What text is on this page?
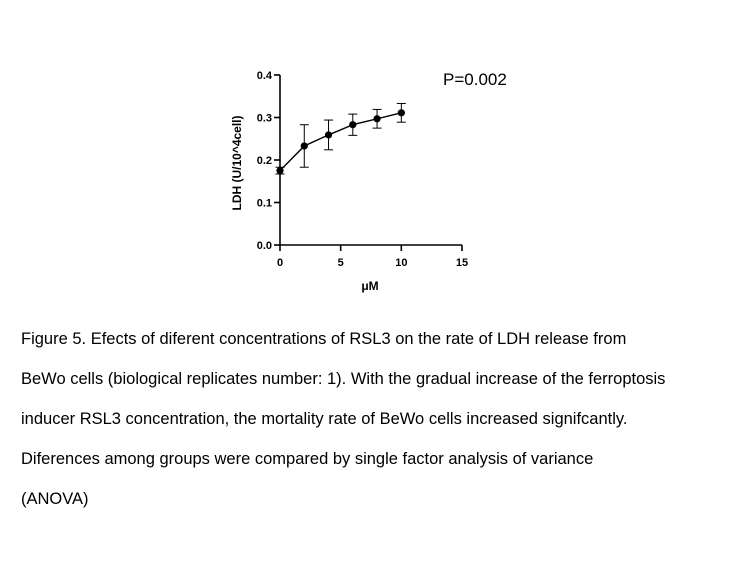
0.0
0.1
0.2
0.3
0.4
0	5	10	15
μM
LDH (U/10^4cell)
P=0.002
Figure 5. Efects of diferent concentrations of RSL3 on the rate of LDH release from
BeWo cells (biological replicates number: 1). With the gradual increase of the ferroptosis
inducer RSL3 concentration, the mortality rate of BeWo cells increased signifcantly.
Diferences among groups were compared by single factor analysis of variance
(ANOVA)
